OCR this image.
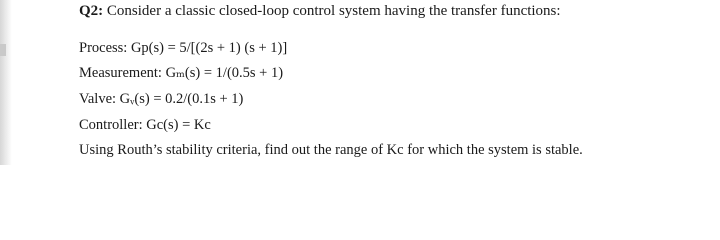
Q2: Consider a classic closed-loop control system having the transfer functions:
Process: Gp(s) = 5/[(2s + 1) (s + 1)]
Measurement: Gₘ(s) = 1/(0.5s + 1)
Valve: Gᵥ(s) = 0.2/(0.1s + 1)
Controller: Gc(s) = Kc
Using Routh’s stability criteria, find out the range of Kc for which the system is stable.
